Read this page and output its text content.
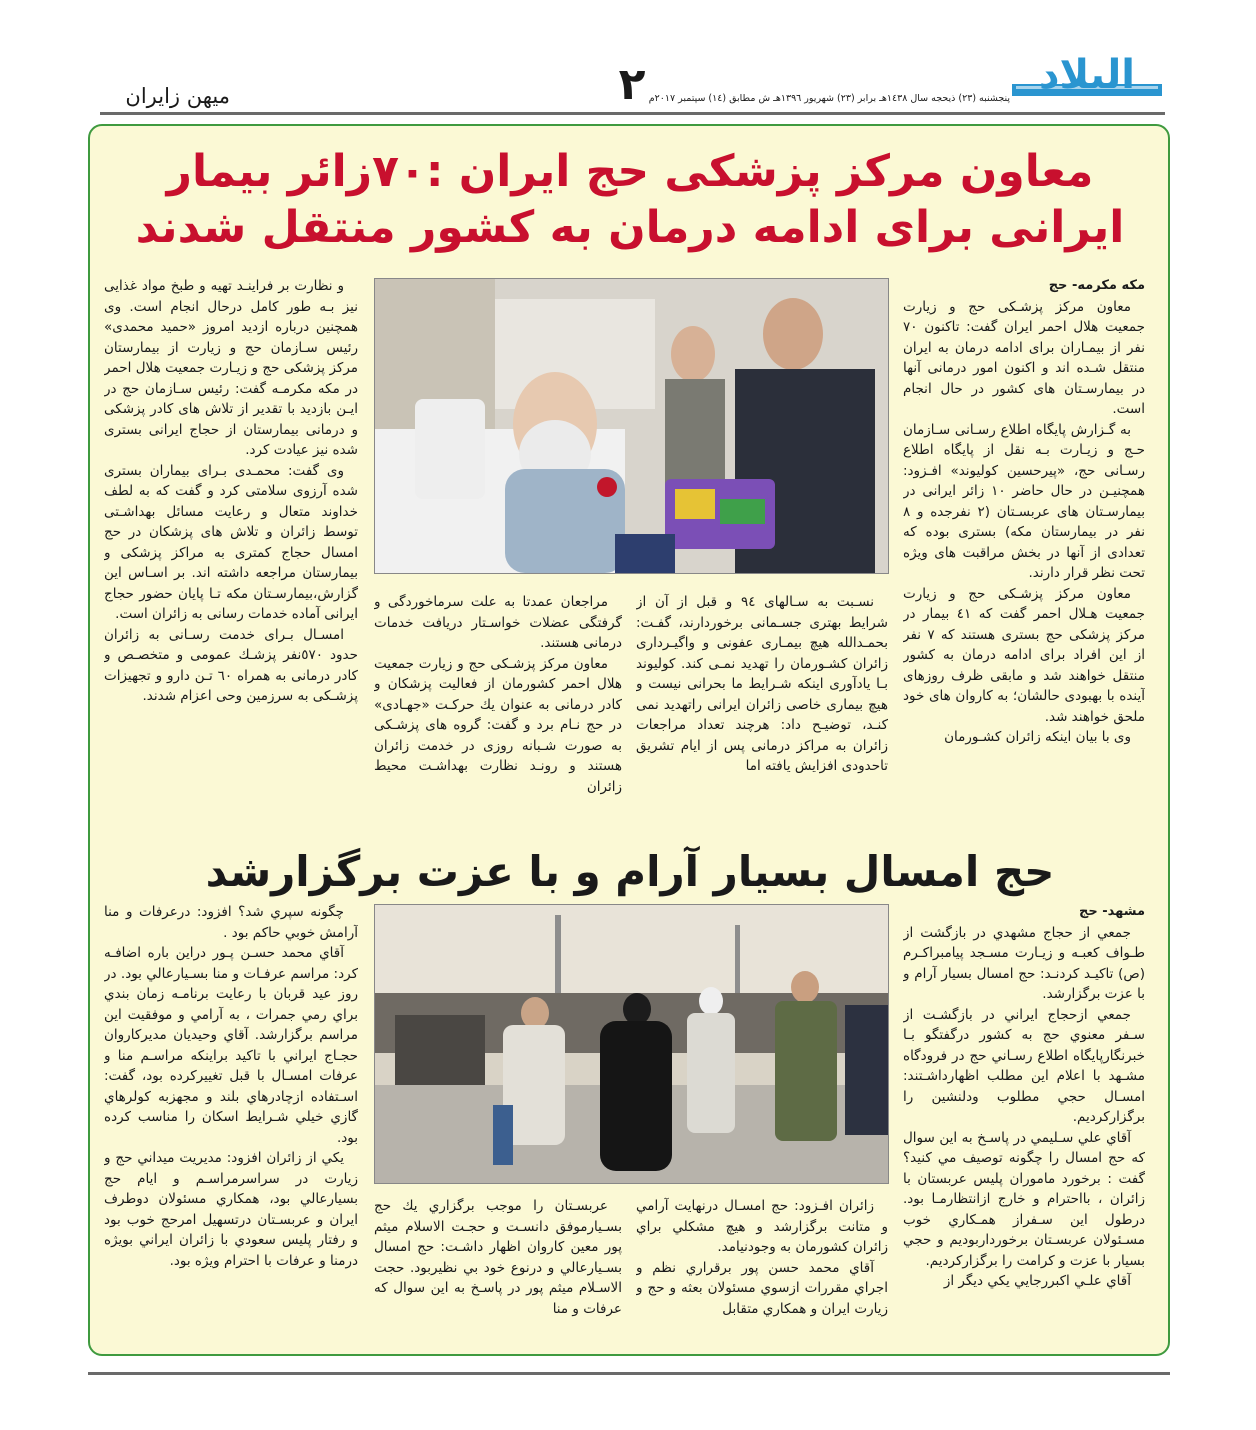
البلاد
٢ پنجشنبه (٢٣) ذيحجه سال ١٤٣٨هـ برابر (٢٣) شهريور ١٣٩٦هـ ش مطابق (١٤) سپتمبر ٢٠١٧م
ميهن زايران
معاون مركز پزشكى حج ايران :٧٠زائر بيمار
ايرانى براى ادامه درمان به كشور منتقل شدند
مكه مكرمه- حج

معاون مركز پزشـكى حج و زيارت جمعيت هلال احمر ايران گفت: تاكنون ٧٠ نفر از بيمـاران براى ادامه درمان به ايران منتقل شـده اند و اكنون امور درمانى آنها در بيمارسـتان هاى كشور در حال انجام است.

به گـزارش پايگاه اطلاع رسـانى سـازمان حـج و زيـارت بـه نقل از پايگاه اطلاع رسـانى حج، «پيرحسين كوليوند» افـزود: همچنيـن در حال حاضر ١٠ زائر ايرانى در بيمارسـتان هاى عربسـتان (٢ نفرجده و ٨ نفر در بيمارستان مكه) بسترى بوده كه تعدادى از آنها در بخش مراقبت هاى ويژه تحت نظر قرار دارند.

معاون مركز پزشـكى حج و زيارت جمعيت هـلال احمر گفت كه ٤١ بيمار در مركز پزشكى حج بسترى هستند كه ٧ نفر از اين افراد براى ادامه درمان به كشور منتقل خواهند شد و مابقى ظرف روزهاى آينده با بهبودى حالشان؛ به كاروان هاى خود ملحق خواهند شد.

وى با بيان اينكه زائران كشـورمان

نسـبت به سـالهاى ٩٤ و قبل از آن از شرايط بهترى جسـمانى برخوردارند، گفـت: بحمـدالله هيچ بيمـارى عفونى و واگيـردارى زائران كشـورمان را تهديد نمـى كند. كوليوند بـا يادآورى اينكه شـرايط ما بحرانى نيست و هيچ بيمارى خاصى زائران ايرانى راتهديد نمى كنـد، توضيـح داد: هرچند تعداد مراجعات زائران به مراكز درمانى پس از ايام تشريق تاحدودى افزايش يافته اما

مراجعان عمدتا به علت سرماخوردگى و گرفتگى عضلات خواسـتار دريافت خدمات درمانى هستند.

معاون مركز پزشـكى حج و زيارت جمعيت هلال احمر كشورمان از فعاليت پزشكان و كادر درمانى به عنوان يك حركـت «جهـادى» در حج نـام برد و گفت: گروه هاى پزشـكى به صورت شـبانه روزى در خدمت زائران هستند و رونـد نظارت بهداشـت محيط زائران

و نظارت بر فراينـد تهيه و طبخ مواد غذايى نيز بـه طور كامل درحال انجام است. وى همچنين درباره ازديد امروز «حميد محمدى» رئيس سـازمان حج و زيارت از بيمارستان مركز پزشكى حج و زيـارت جمعيت هلال احمر در مكه مكرمـه گفت: رئيس سـازمان حج در ايـن بازديد با تقدير از تلاش هاى كادر پزشكى و درمانى بيمارستان از حجاج ايرانى بسترى شده نيز عيادت كرد.

وى گفت: محمـدى بـراى بيماران بسترى شده آرزوى سلامتى كرد و گفت كه به لطف خداوند متعال و رعايت مسائل بهداشـتى توسط زائران و تلاش هاى پزشكان در حج امسال حجاج كمترى به مراكز پزشكى و بيمارستان مراجعه داشته اند. بر اسـاس اين گزارش،بيمارسـتان مكه تـا پايان حضور حجاج ايرانى آماده خدمات رسانى به زائران است.

امسـال بـراى خدمت رسـانى به زائران حدود ٥٧٠نفر پزشـك عمومى و متخصـص و كادر درمانى به همراه ٦٠ تـن دارو و تجهيزات پزشـكى به سرزمين وحى اعزام شدند.

حج امسال بسيار آرام و با عزت برگزارشد
مشهد- حج

جمعي از حجاج مشهدي در بازگشت از طـواف كعبـه و زيـارت مسـجد پيامبراكـرم (ص) تاكيـد كردنـد: حج امسال بسيار آرام و با عزت برگزارشد.

جمعي ازحجاج ايراني در بازگشـت از سـفر معنوي حج به كشور درگفتگو بـا خبرنگارپايگاه اطلاع رسـاني حج در فرودگاه مشـهد با اعلام اين مطلب اظهارداشـتند: امسـال حجي مطلوب ودلنشين را برگزاركرديم.

آقاي علي سـليمي در پاسـخ به اين سوال كه حج امسال را چگونه توصيف مي كنيد؟ گفت : برخورد ماموران پليس عربستان با زائران ، بااحترام و خارج ازانتظارمـا بود. درطول اين سـفراز همـكاري خوب مسـئولان عربسـتان برخورداربوديم و حجي بسيار با عزت و كرامت را برگزاركرديم.

آقاي علـي اكبررجايي يكي ديگر از

زائران افـزود: حج امسـال درنهايت آرامي و متانت برگزارشد و هيچ مشكلي براي زائران كشورمان به وجودنيامد.

آقاي محمد حسن پور برقراري نظم و اجراي مقررات ازسوي مسئولان بعثه و حج و زيارت ايران و همكاري متقابل

عربسـتان را موجب برگزاري يك حج بسـيارموفق دانسـت و حجـت الاسلام ميثم پور معين كاروان اظهار داشـت: حج امسال بسـيارعالي و درنوع خود بي نظيربود. حجت الاسـلام ميثم پور در پاسـخ به اين سوال كه عرفات و منا

چگونه سپري شد؟ افزود: درعرفات و منا آرامش خوبي حاكم بود .

آقاي محمد حسـن پـور دراين باره اضافـه كرد: مراسم عرفـات و منا بسـيارعالي بود. در روز عيد قربان با رعايت برنامـه زمان بندي براي رمي جمرات ، به آرامي و موفقيت اين مراسم برگزارشد. آقاي وحيديان مديركاروان حجـاج ايراني با تاكيد براينكه مراسـم منا و عرفات امسـال با قبل تغييركرده بود، گفت: اسـتفاده ازچادرهاي بلند و مجهزبه كولرهاي گازي خيلي شـرايط اسكان را مناسب كرده بود.

يكي از زائران افزود: مديريت ميداني حج و زيارت در سراسرمراسـم و ايام حج بسيارعالي بود، همكاري مسئولان دوطرف ايران و عربسـتان درتسهيل امرحج خوب بود و رفتار پليس سعودي با زائران ايراني بويژه درمنا و عرفات با احترام ويژه بود.
